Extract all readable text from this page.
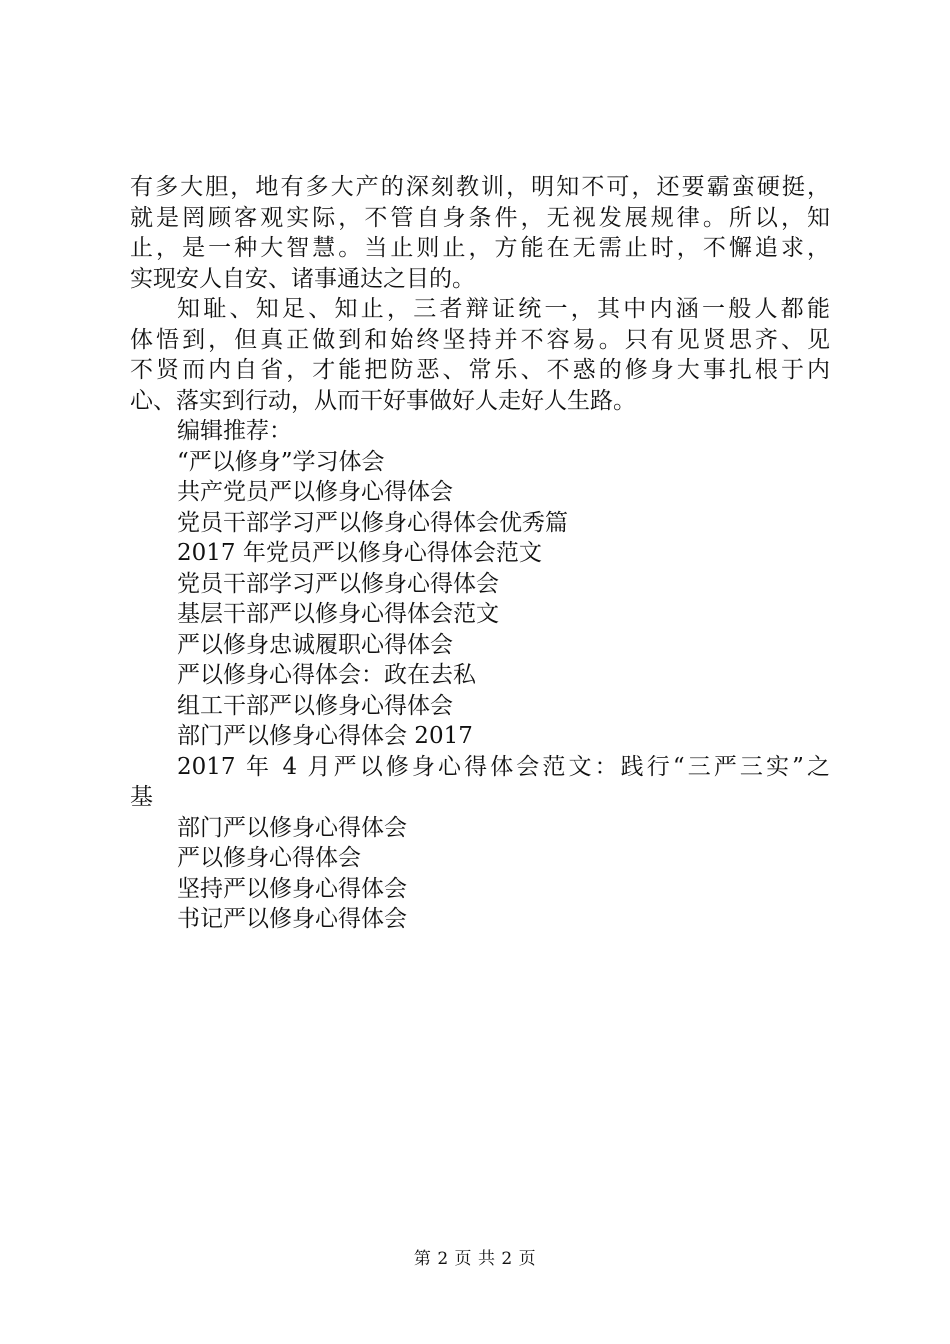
有多大胆，地有多大产的深刻教训，明知不可，还要霸蛮硬挺，
就是罔顾客观实际，不管自身条件，无视发展规律。所以，知
止，是一种大智慧。当止则止，方能在无需止时，不懈追求，
实现安人自安、诸事通达之目的。
知耻、知足、知止，三者辩证统一，其中内涵一般人都能
体悟到，但真正做到和始终坚持并不容易。只有见贤思齐、见
不贤而内自省，才能把防恶、常乐、不惑的修身大事扎根于内
心、落实到行动，从而干好事做好人走好人生路。
编辑推荐：
“严以修身”学习体会
共产党员严以修身心得体会
党员干部学习严以修身心得体会优秀篇
2017 年党员严以修身心得体会范文
党员干部学习严以修身心得体会
基层干部严以修身心得体会范文
严以修身忠诚履职心得体会
严以修身心得体会：政在去私
组工干部严以修身心得体会
部门严以修身心得体会 2017
2017 年 4 月严以修身心得体会范文：践行“三严三实”之
基
部门严以修身心得体会
严以修身心得体会
坚持严以修身心得体会
书记严以修身心得体会
第 2 页 共 2 页
